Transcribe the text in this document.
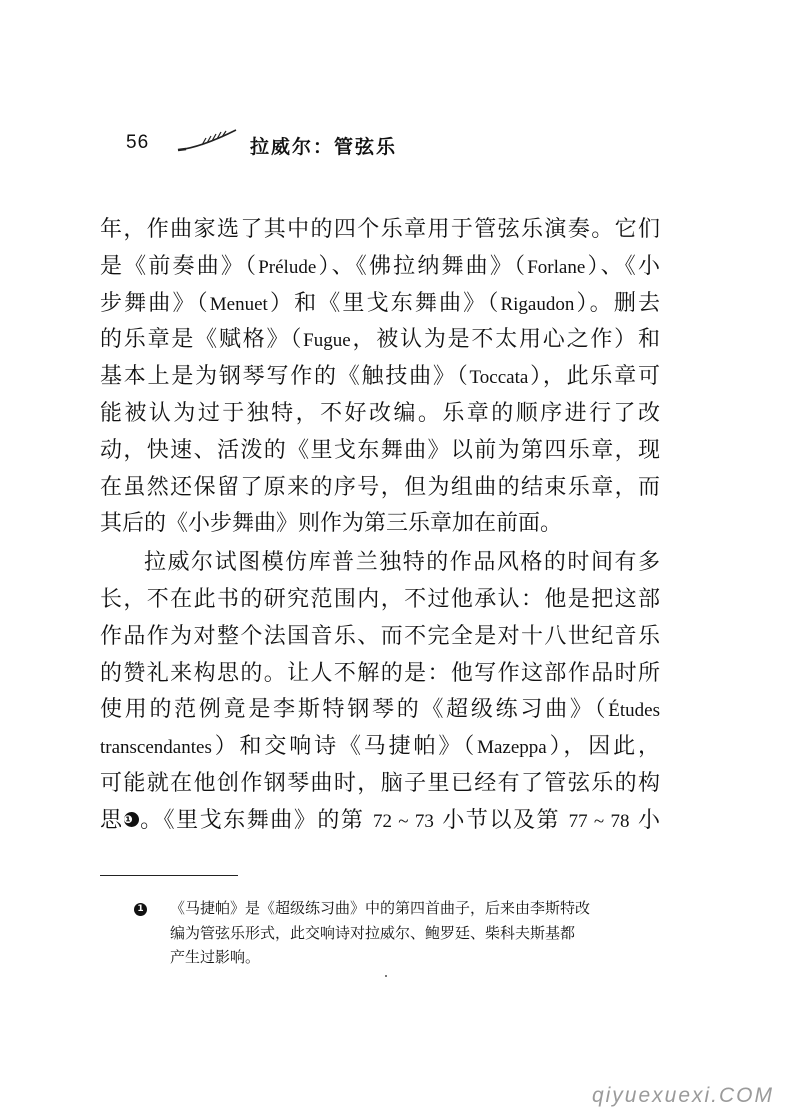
56	拉威尔：管弦乐
年，作曲家选了其中的四个乐章用于管弦乐演奏。它们
是《前奏曲》（Prélude）、《佛拉纳舞曲》（Forlane）、《小
步舞曲》（Menuet）和《里戈东舞曲》（Rigaudon）。删去
的乐章是《赋格》（Fugue，被认为是不太用心之作）和
基本上是为钢琴写作的《触技曲》（Toccata），此乐章可
能被认为过于独特，不好改编。乐章的顺序进行了改
动，快速、活泼的《里戈东舞曲》以前为第四乐章，现
在虽然还保留了原来的序号，但为组曲的结束乐章，而
其后的《小步舞曲》则作为第三乐章加在前面。
拉威尔试图模仿库普兰独特的作品风格的时间有多
长，不在此书的研究范围内，不过他承认：他是把这部
作品作为对整个法国音乐、而不完全是对十八世纪音乐
的赞礼来构思的。让人不解的是：他写作这部作品时所
使用的范例竟是李斯特钢琴的《超级练习曲》（Études
transcendantes）和交响诗《马捷帕》（Mazeppa），因此，
可能就在他创作钢琴曲时，脑子里已经有了管弦乐的构
思❶ 。《里戈东舞曲》的第 72 ~ 73 小节以及第 77 ~ 78 小
1	《马捷帕》是《超级练习曲》中的第四首曲子，后来由李斯特改
编为管弦乐形式，此交响诗对拉威尔、鲍罗廷、柴科夫斯基都
产生过影响。
qiyuexuexi.COM
